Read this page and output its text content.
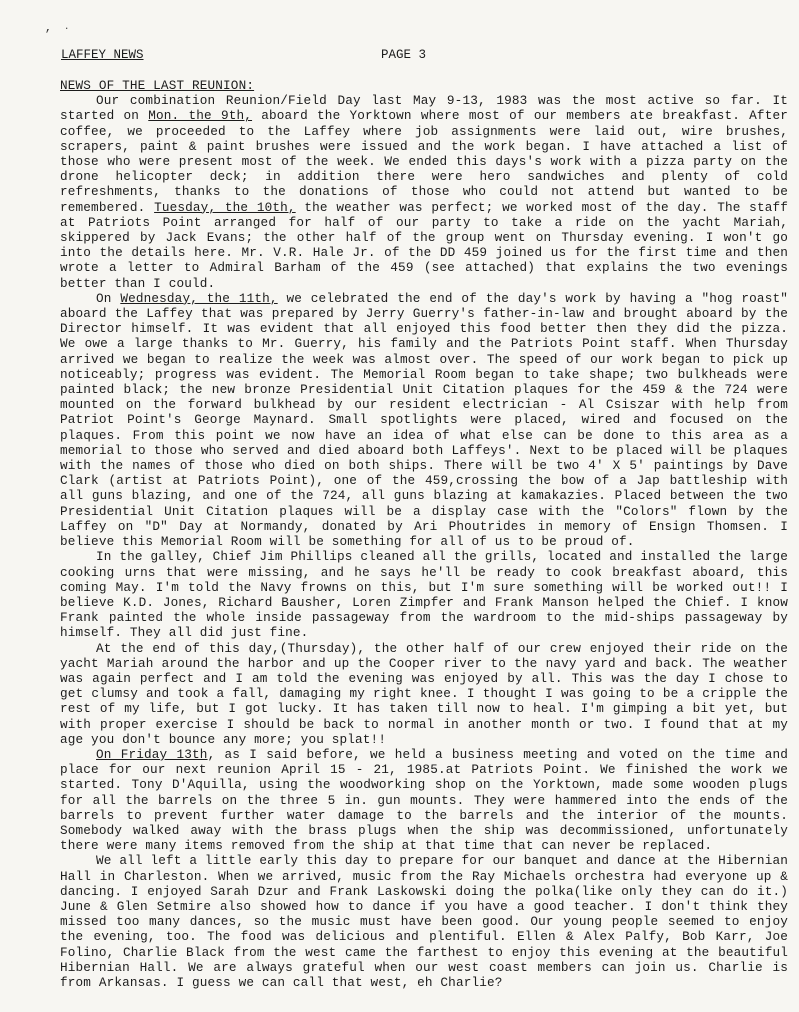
’ ·
LAFFEY NEWS	PAGE 3
NEWS OF THE LAST REUNION:

Our combination Reunion/Field Day last May 9-13, 1983 was the most active so far. It started on Mon. the 9th, aboard the Yorktown where most of our members ate breakfast. After coffee, we proceeded to the Laffey where job assignments were laid out, wire brushes, scrapers, paint & paint brushes were issued and the work began. I have attached a list of those who were present most of the week. We ended this days's work with a pizza party on the drone helicopter deck; in addition there were hero sandwiches and plenty of cold refreshments, thanks to the donations of those who could not attend but wanted to be remembered. Tuesday, the 10th, the weather was perfect; we worked most of the day. The staff at Patriots Point arranged for half of our party to take a ride on the yacht Mariah, skippered by Jack Evans; the other half of the group went on Thursday evening. I won't go into the details here. Mr. V.R. Hale Jr. of the DD 459 joined us for the first time and then wrote a letter to Admiral Barham of the 459 (see attached) that explains the two evenings better than I could.

On Wednesday, the 11th, we celebrated the end of the day's work by having a "hog roast" aboard the Laffey that was prepared by Jerry Guerry's father-in-law and brought aboard by the Director himself. It was evident that all enjoyed this food better then they did the pizza. We owe a large thanks to Mr. Guerry, his family and the Patriots Point staff. When Thursday arrived we began to realize the week was almost over. The speed of our work began to pick up noticeably; progress was evident. The Memorial Room began to take shape; two bulkheads were painted black; the new bronze Presidential Unit Citation plaques for the 459 & the 724 were mounted on the forward bulkhead by our resident electrician - Al Csiszar with help from Patriot Point's George Maynard. Small spotlights were placed, wired and focused on the plaques. From this point we now have an idea of what else can be done to this area as a memorial to those who served and died aboard both Laffeys'. Next to be placed will be plaques with the names of those who died on both ships. There will be two 4' X 5' paintings by Dave Clark (artist at Patriots Point), one of the 459,crossing the bow of a Jap battleship with all guns blazing, and one of the 724, all guns blazing at kamakazies. Placed between the two Presidential Unit Citation plaques will be a display case with the "Colors" flown by the Laffey on "D" Day at Normandy, donated by Ari Phoutrides in memory of Ensign Thomsen. I believe this Memorial Room will be something for all of us to be proud of.

In the galley, Chief Jim Phillips cleaned all the grills, located and installed the large cooking urns that were missing, and he says he'll be ready to cook breakfast aboard, this coming May. I'm told the Navy frowns on this, but I'm sure something will be worked out!! I believe K.D. Jones, Richard Bausher, Loren Zimpfer and Frank Manson helped the Chief. I know Frank painted the whole inside passageway from the wardroom to the mid-ships passageway by himself. They all did just fine.

At the end of this day,(Thursday), the other half of our crew enjoyed their ride on the yacht Mariah around the harbor and up the Cooper river to the navy yard and back. The weather was again perfect and I am told the evening was enjoyed by all. This was the day I chose to get clumsy and took a fall, damaging my right knee. I thought I was going to be a cripple the rest of my life, but I got lucky. It has taken till now to heal. I'm gimping a bit yet, but with proper exercise I should be back to normal in another month or two. I found that at my age you don't bounce any more; you splat!!

On Friday 13th, as I said before, we held a business meeting and voted on the time and place for our next reunion April 15 - 21, 1985.at Patriots Point. We finished the work we started. Tony D'Aquilla, using the woodworking shop on the Yorktown, made some wooden plugs for all the barrels on the three 5 in. gun mounts. They were hammered into the ends of the barrels to prevent further water damage to the barrels and the interior of the mounts. Somebody walked away with the brass plugs when the ship was decommissioned, unfortunately there were many items removed from the ship at that time that can never be replaced.

We all left a little early this day to prepare for our banquet and dance at the Hibernian Hall in Charleston. When we arrived, music from the Ray Michaels orchestra had everyone up & dancing. I enjoyed Sarah Dzur and Frank Laskowski doing the polka(like only they can do it.) June & Glen Setmire also showed how to dance if you have a good teacher. I don't think they missed too many dances, so the music must have been good. Our young people seemed to enjoy the evening, too. The food was delicious and plentiful. Ellen & Alex Palfy, Bob Karr, Joe Folino, Charlie Black from the west came the farthest to enjoy this evening at the beautiful Hibernian Hall. We are always grateful when our west coast members can join us. Charlie is from Arkansas. I guess we can call that west, eh Charlie?
